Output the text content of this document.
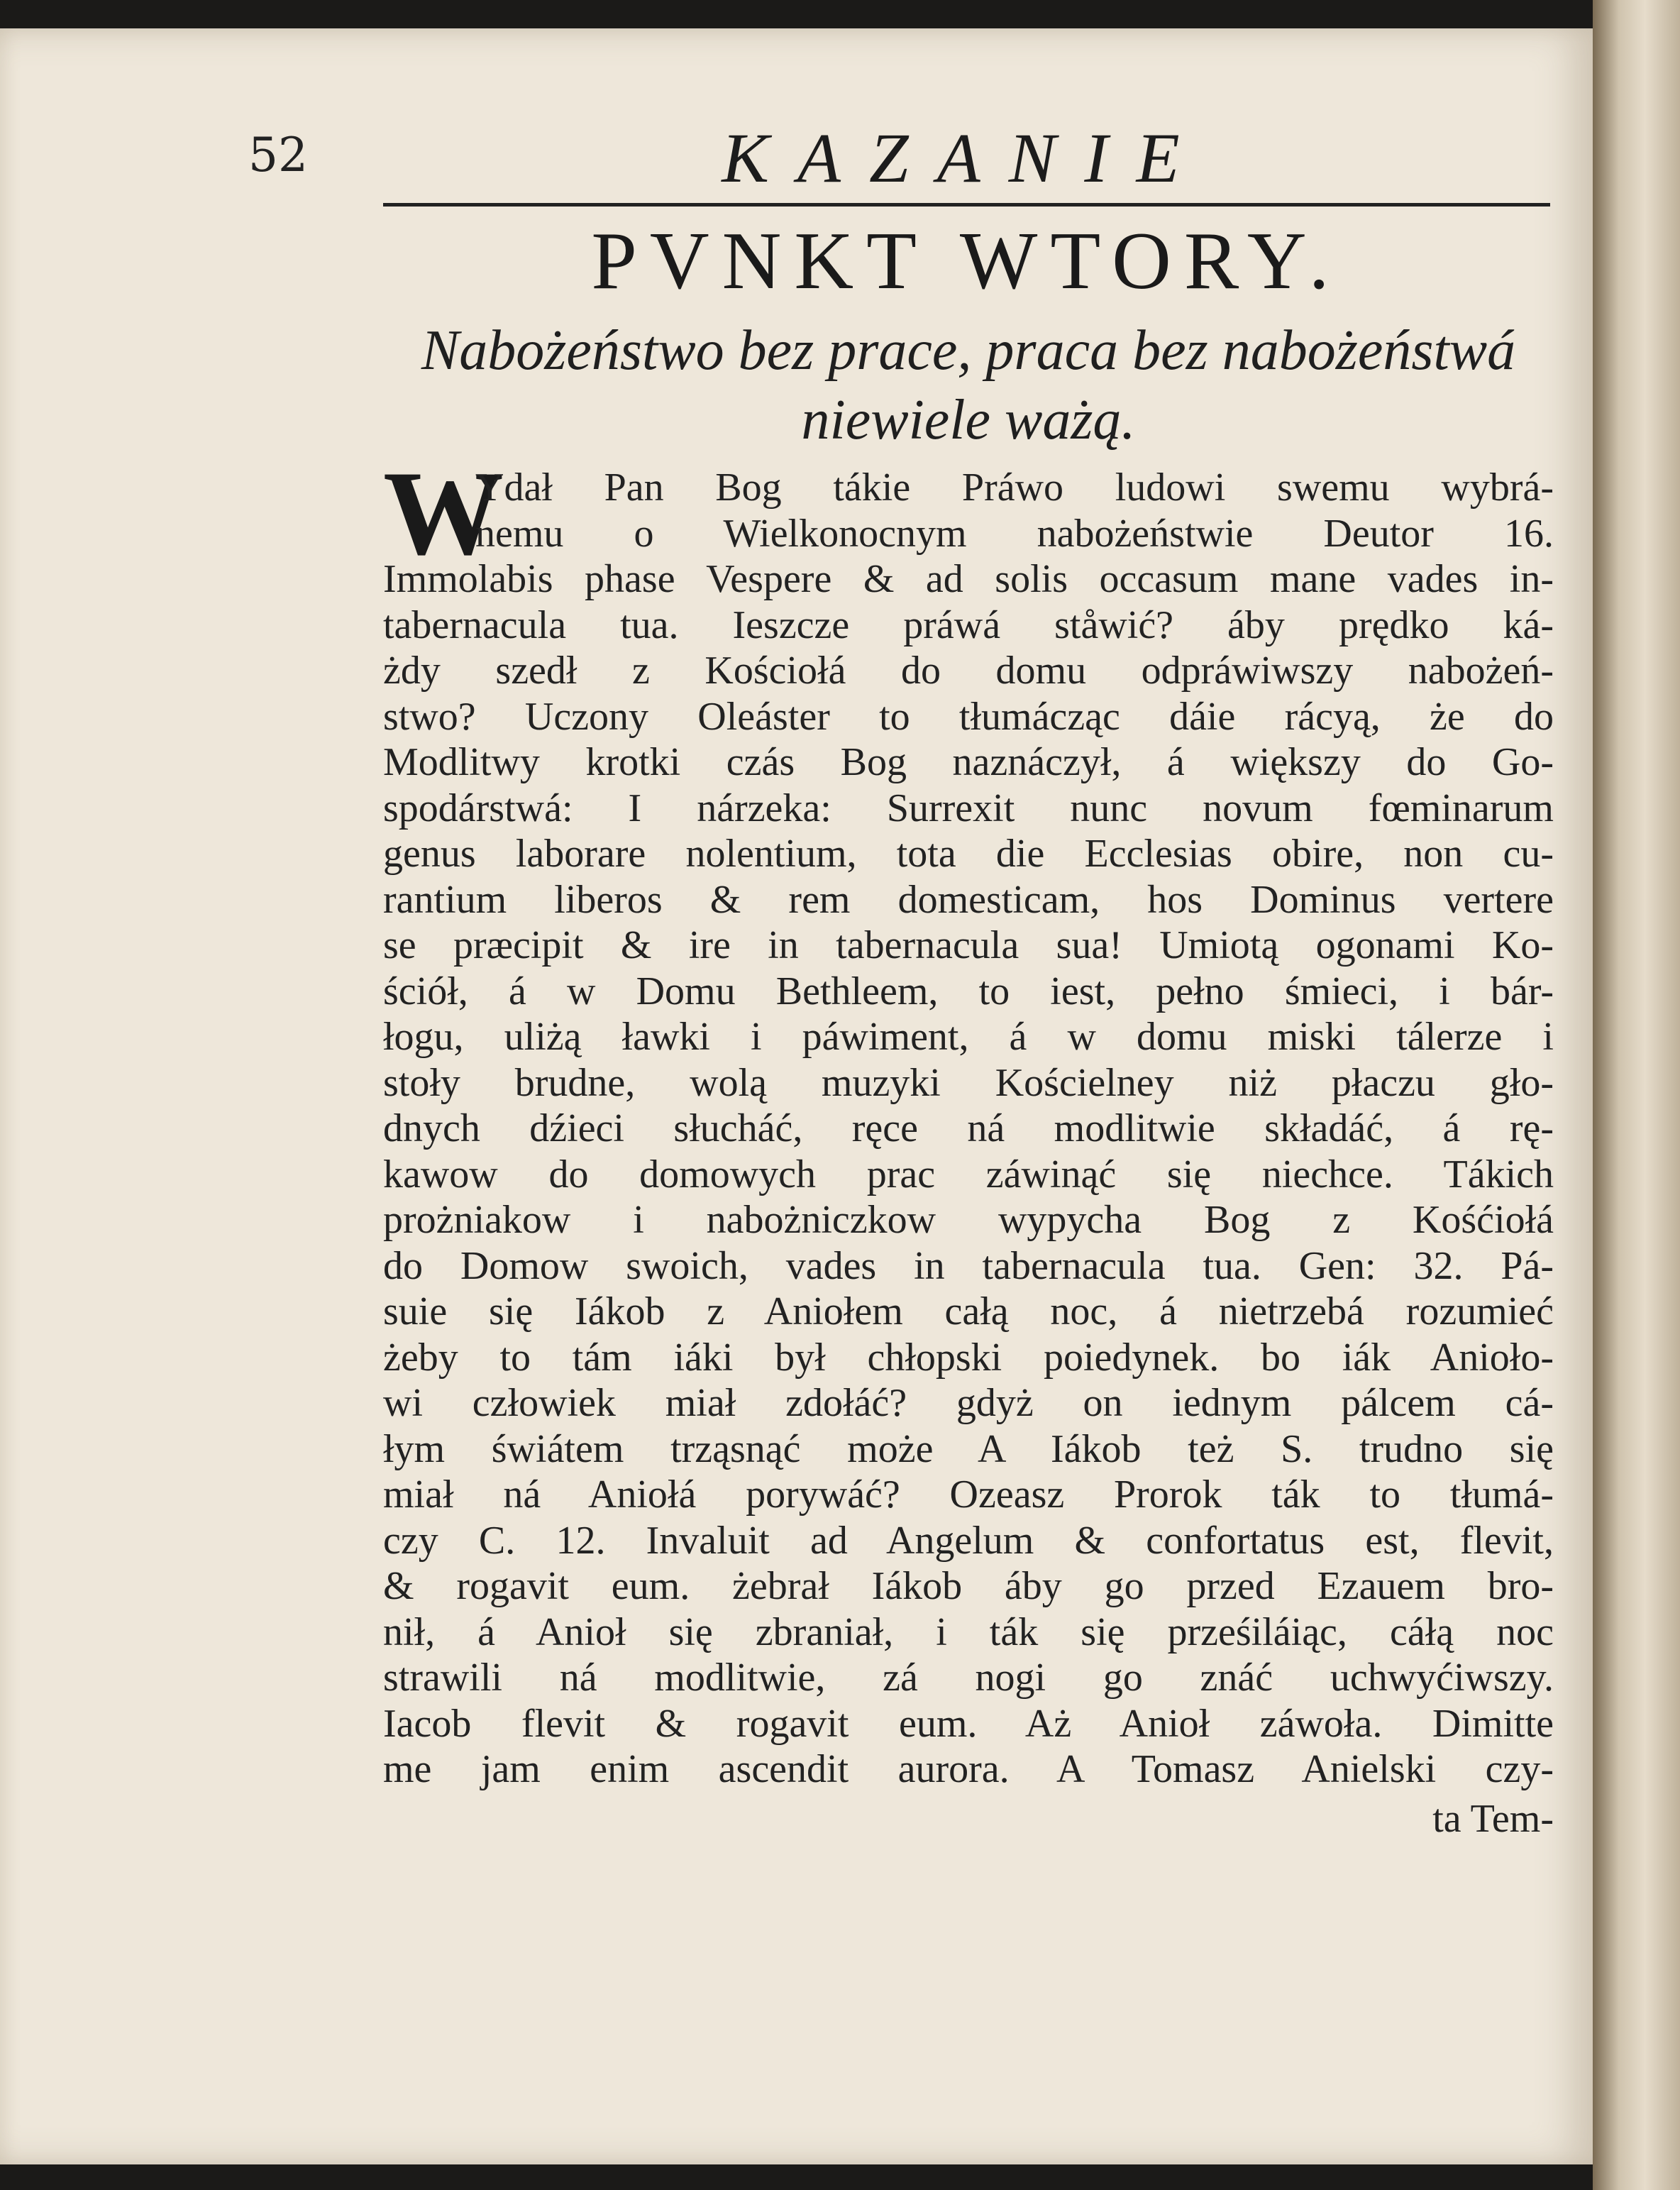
52	KAZANIE
PVNKT WTORY.
Nabożeństwo bez prace, praca bez nabożeństwá
niewiele ważą.
W
Ydał Pan Bog tákie Práwo ludowi swemu wybrá-
nemu o Wielkonocnym nabożeństwie Deutor 16.
Immolabis phase Vespere & ad solis occasum mane vades in-
tabernacula tua. Ieszcze práwá ståwić? áby prędko ká-
żdy szedł z Kościołá do domu odpráwiwszy nabożeń-
stwo? Uczony Oleáster to tłumácząc dáie rácyą, że do
Modlitwy krotki czás Bog naznáczył, á większy do Go-
spodárstwá: I nárzeka: Surrexit nunc novum fœminarum
genus laborare nolentium, tota die Ecclesias obire, non cu-
rantium liberos & rem domesticam, hos Dominus vertere
se præcipit & ire in tabernacula sua! Umiotą ogonami Ko-
ściół, á w Domu Bethleem, to iest, pełno śmieci, i bár-
łogu, uliżą ławki i páwiment, á w domu miski tálerze i
stoły brudne, wolą muzyki Kościelney niż płaczu gło-
dnych dźieci słucháć, ręce ná modlitwie składáć, á rę-
kawow do domowych prac záwinąć się niechce. Tákich
prożniakow i nabożniczkow wypycha Bog z Kośćiołá
do Domow swoich, vades in tabernacula tua. Gen: 32. Pá-
suie się Iákob z Aniołem całą noc, á nietrzebá rozumieć
żeby to tám iáki był chłopski poiedynek. bo iák Anioło-
wi człowiek miał zdołáć? gdyż on iednym pálcem cá-
łym świátem trząsnąć może A Iákob też S. trudno się
miał ná Aniołá porywáć? Ozeasz Prorok ták to tłumá-
czy C. 12. Invaluit ad Angelum & confortatus est, flevit,
& rogavit eum. żebrał Iákob áby go przed Ezauem bro-
nił, á Anioł się zbraniał, i ták się prześiláiąc, cáłą noc
strawili ná modlitwie, zá nogi go znáć uchwyćiwszy.
Iacob flevit & rogavit eum. Aż Anioł záwoła. Dimitte
me jam enim ascendit aurora. A Tomasz Anielski czy-
ta Tem-
